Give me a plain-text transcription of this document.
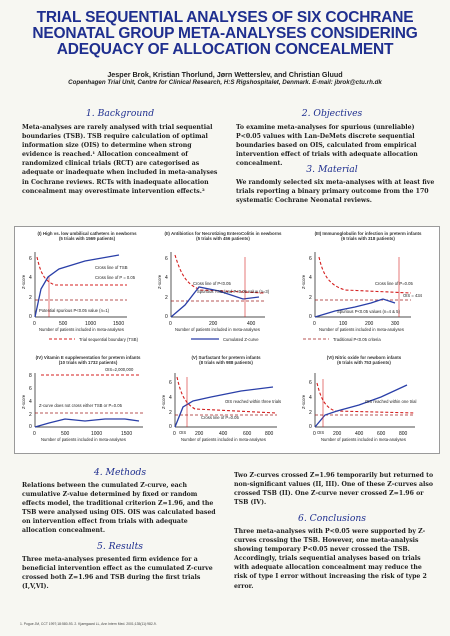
TRIAL SEQUENTIAL ANALYSES OF SIX COCHRANE
NEONATAL GROUP META-ANALYSES CONSIDERING
ADEQUACY OF ALLOCATION CONCEALMENT
Jesper Brok, Kristian Thorlund, Jørn Wetterslev, and Christian Gluud
Copenhagen Trial Unit, Centre for Clinical Research, H:S Rigshospitalet, Denmark. E-mail: jbrok@ctu.rh.dk
1. Background
Meta-analyses are rarely analysed with trial sequential boundaries (TSB). TSB require calculation of optimal information size (OIS) to determine when strong evidence is reached.¹ Allocation concealment of randomized clinical trials (RCT) are categorised as adequate or inadequate when included in meta-analyses in Cochrane reviews. RCTs with inadequate allocation concealment may overestimate intervention effects.²
2. Objectives
To examine meta-analyses for spurious (unreliable) P<0.05 values with Lan-DeMets discrete sequential boundaries based on OIS, calculated from empirical intervention effect of trials with adequate allocation concealment.
3. Material
We randomly selected six meta-analyses with at least five trials reporting a binary primary outcome from the 170 systematic Cochrane Neonatal reviews.
(I) High vs. low umbilical catheters in newborns
(5 trials with 1569 patients)
(II) Antibiotics for Necrotizing EnteroColitis in newborns
(5 trials with 456 patients)
(III) Immunoglobulin for infection in preterm infants
(6 trials with 318 patients)
(IV) Vitamin E supplementation for preterm infants
(10 trials with 1732 patients)
(V) Surfactant for preterm infants
(8 trials with 988 patients)
(VI) Nitric oxide for newborn infants
(6 trials with 753 patients)
Cross line of TSB
Cross line of P = 0.05
Potential spurious P<0.05 value (n=1)
Z-score
6
4
2
0
0	500	1000	1500
Number of patients included in meta-analyses
Cross line of P<0.05
Spurious TSB (and P<0.05 value (n=3)
Z-score
6
4
2
0
0	200	400
Number of patients included in meta-analyses
Cross line of P=0.05
OIS = 434
Spurious P<0.05 values (n=4 & 5)
Z-score
6
4
2
0
0	100	200	300
Number of patients included in meta-analyses
Trial sequential boundary (TSB)	Cumulated Z-curve	Traditional P<0.05 criteria
OIS=2,000,000
Z-curve does not cross either TSB or P=0.05
Z-score
8
6
4
2
0
0	500	1000	1500
Number of patients included in meta-analyses
OIS reached within three trials
Cross line of P=0.05
OIS
Z-score
6
4
2
0
0	200	400	600	800
Number of patients included in meta-analyses
OIS reached within one trial
OIS
Z-score
6
4
2
0
0	200	400	600	800
Number of patients included in meta-analyses
4. Methods
Relations between the cumulated Z-curve, each cumulative Z-value determined by fixed or random effects model, the traditional criterion Z=1.96, and the TSB were analysed using OIS. OIS was calculated based on intervention effect from trials with adequate allocation concealment.
5. Results
Three meta-analyses presented firm evidence for a beneficial intervention effect as the cumulated Z-curve crossed both Z=1.96 and TSB during the first trials (I,V,VI).
Two Z-curves crossed Z=1.96 temporarily but returned to non-significant values (II, III). One of these Z-curves also crossed TSB (II). One Z-curve never crossed Z=1.96 or TSB (IV).
6. Conclusions
Three meta-analyses with P<0.05 were supported by Z-curves crossing the TSB. However, one meta-analysis showing temporary P<0.05 never crossed the TSB. Accordingly, trials sequential analyses based on trials with adequate allocation concealment may reduce the risk of type I error without increasing the risk of type 2 error.
1. Pogue JM, CCT 1997;18:580-93. 2. Kjaergaard LL, Ann Intern Med. 2001;135(11):982-9.
